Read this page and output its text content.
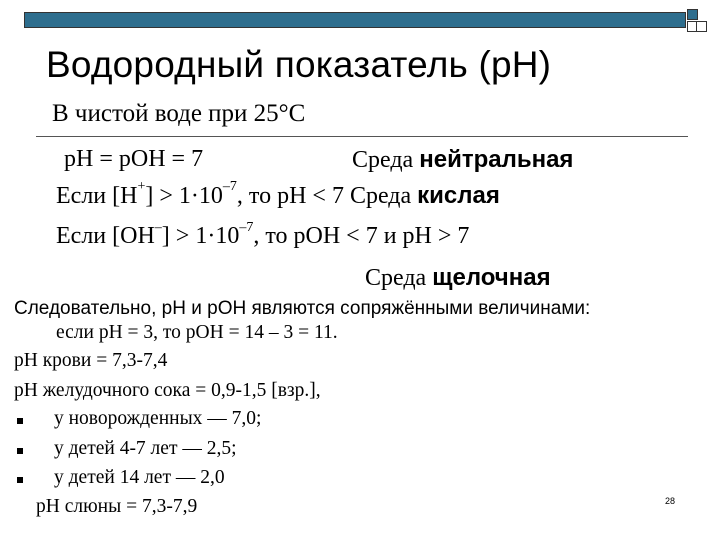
Водородный показатель (pH)
В чистой воде при 25°С
pH = pOH = 7	Среда нейтральная
Если $[H^+] > 1\cdot 10^{-7}$, то pH < 7 Среда кислая
Если $[OH^-] > 1\cdot 10^{-7}$, то pOH < 7 и pH > 7
Среда щелочная
Следовательно, pH и pOH являются сопряжёнными величинами:
если pH = 3, то pOH = 14 – 3 = 11.
pH крови = 7,3-7,4
pH желудочного сока = 0,9-1,5 [взр.],
у новорожденных — 7,0;
у детей 4-7 лет — 2,5;
у детей 14 лет — 2,0
pH слюны = 7,3-7,9	28
